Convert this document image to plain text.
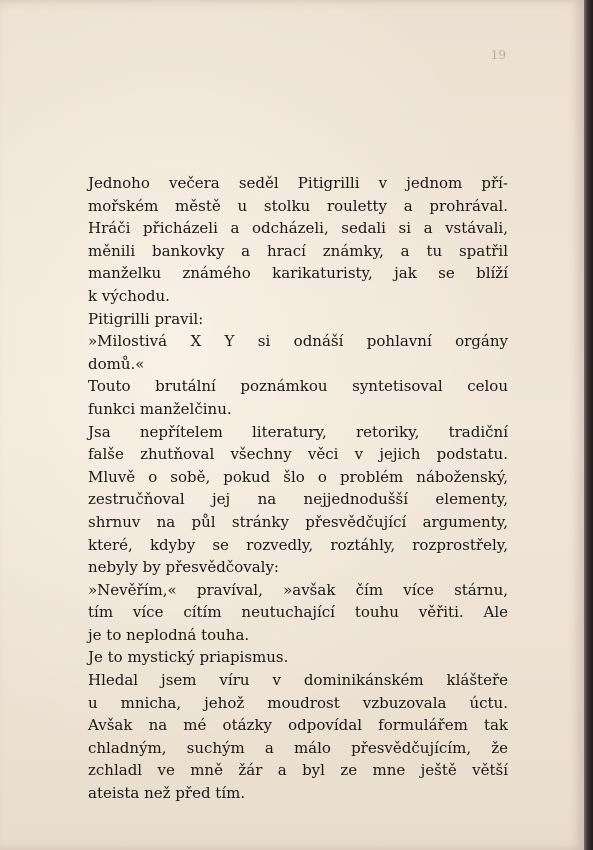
19

Jednoho večera seděl Pitigrilli v jednom pří-
mořském městě u stolku rouletty a prohrával.
Hráči přicházeli a odcházeli, sedali si a vstávali,
měnili bankovky a hrací známky, a tu spatřil
manželku známého karikaturisty, jak se blíží
k východu.

Pitigrilli pravil:

»Milostivá X Y si odnáší pohlavní orgány
domů.«

Touto brutální poznámkou syntetisoval celou
funkci manželčinu.

Jsa nepřítelem literatury, retoriky, tradiční
falše zhutňoval všechny věci v jejich podstatu.
Mluvě o sobě, pokud šlo o problém náboženský,
zestručňoval jej na nejjednodušší elementy,
shrnuv na půl stránky přesvědčující argumenty,
které, kdyby se rozvedly, roztáhly, rozprostřely,
nebyly by přesvědčovaly:

»Nevěřím,« pravíval, »avšak čím více stárnu,
tím více cítím neutuchající touhu věřiti. Ale
je to neplodná touha.

Je to mystický priapismus.

Hledal jsem víru v dominikánském klášteře
u mnicha, jehož moudrost vzbuzovala úctu.
Avšak na mé otázky odpovídal formulářem tak
chladným, suchým a málo přesvědčujícím, že
zchladl ve mně žár a byl ze mne ještě větší
ateista než před tím.
